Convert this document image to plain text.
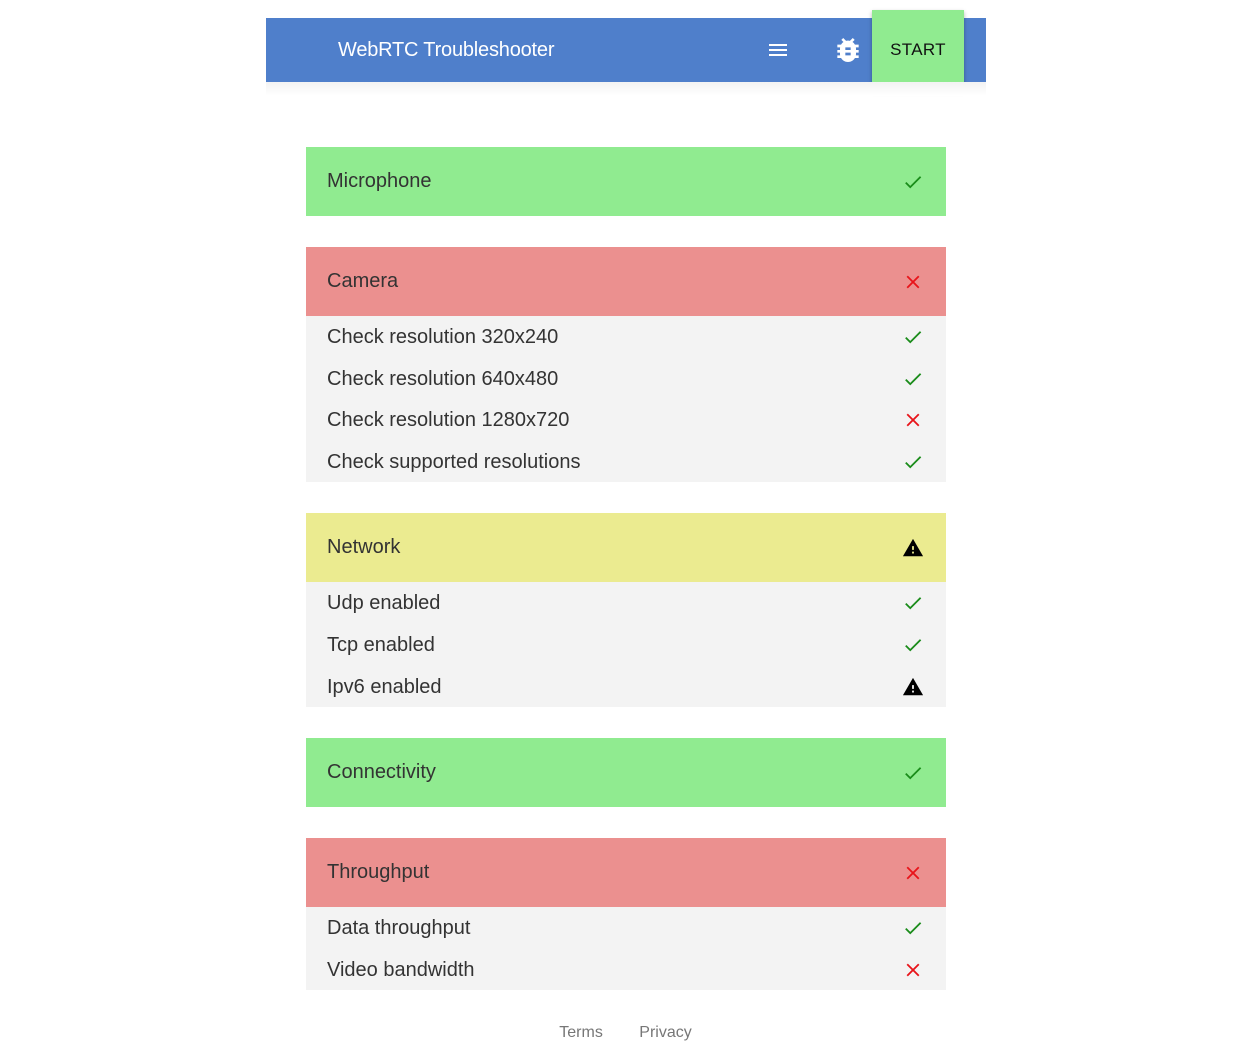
WebRTC Troubleshooter	START
Microphone
Camera
Check resolution 320x240
Check resolution 640x480
Check resolution 1280x720
Check supported resolutions
Network
Udp enabled
Tcp enabled
Ipv6 enabled
Connectivity
Throughput
Data throughput
Video bandwidth
Terms Privacy
